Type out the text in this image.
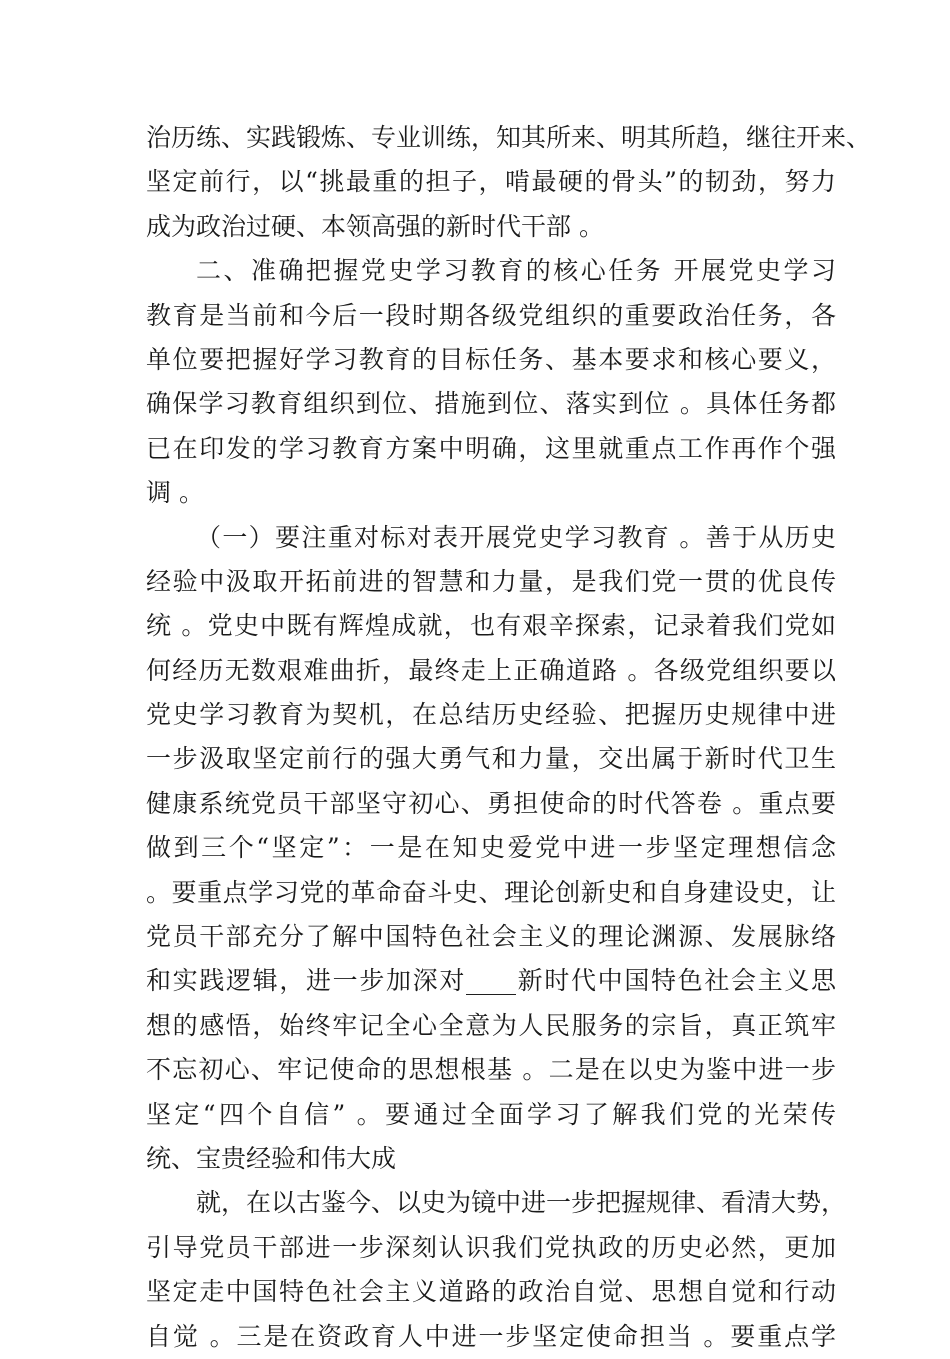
治历练、实践锻炼、专业训练，知其所来、明其所趋，继往开来、
坚定前行，以“挑最重的担子，啃最硬的骨头”的韧劲，努力
成为政治过硬、本领高强的新时代干部 。
二、准确把握党史学习教育的核心任务 开展党史学习
教育是当前和今后一段时期各级党组织的重要政治任务，各
单位要把握好学习教育的目标任务、基本要求和核心要义，
确保学习教育组织到位、措施到位、落实到位 。具体任务都
已在印发的学习教育方案中明确，这里就重点工作再作个强
调 。
（一）要注重对标对表开展党史学习教育 。善于从历史
经验中汲取开拓前进的智慧和力量，是我们党一贯的优良传
统 。党史中既有辉煌成就，也有艰辛探索，记录着我们党如
何经历无数艰难曲折，最终走上正确道路 。各级党组织要以
党史学习教育为契机，在总结历史经验、把握历史规律中进
一步汲取坚定前行的强大勇气和力量，交出属于新时代卫生
健康系统党员干部坚守初心、勇担使命的时代答卷 。重点要
做到三个“坚定”：一是在知史爱党中进一步坚定理想信念
。要重点学习党的革命奋斗史、理论创新史和自身建设史，让
党员干部充分了解中国特色社会主义的理论渊源、发展脉络
和实践逻辑，进一步加深对____新时代中国特色社会主义思
想的感悟，始终牢记全心全意为人民服务的宗旨，真正筑牢
不忘初心、牢记使命的思想根基 。二是在以史为鉴中进一步
坚定“四个自信” 。要通过全面学习了解我们党的光荣传
统、宝贵经验和伟大成
就，在以古鉴今、以史为镜中进一步把握规律、看清大势，
引导党员干部进一步深刻认识我们党执政的历史必然，更加
坚定走中国特色社会主义道路的政治自觉、思想自觉和行动
自觉 。三是在资政育人中进一步坚定使命担当 。要重点学
